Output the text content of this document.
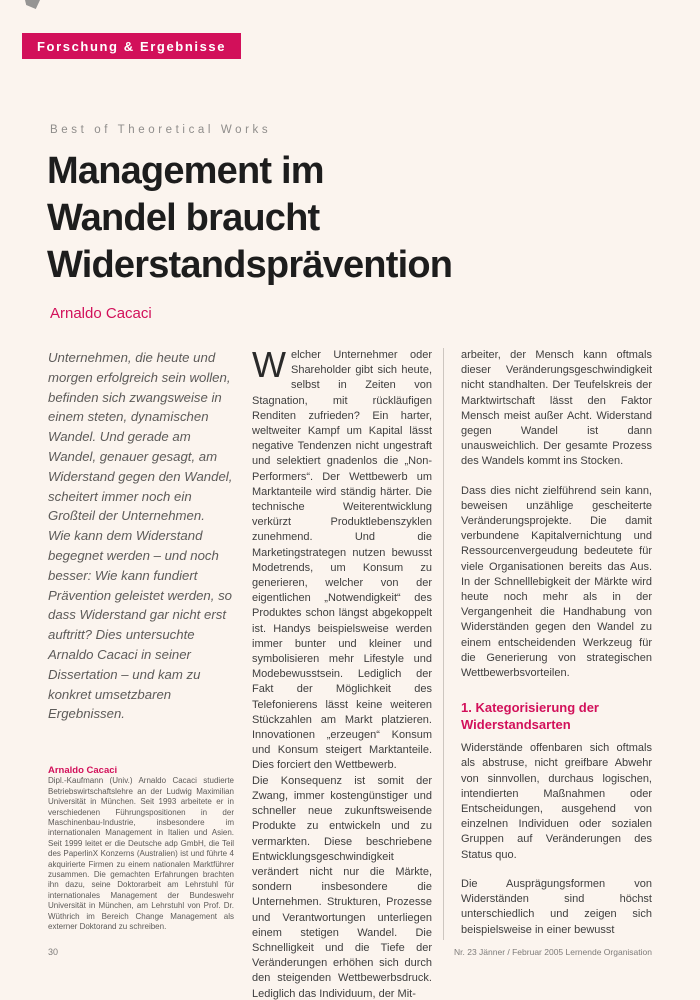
Forschung & Ergebnisse
Best of Theoretical Works
Management im
Wandel braucht
Widerstandsprävention
Arnaldo Cacaci

Unternehmen, die heute und morgen erfolgreich sein wollen, befinden sich zwangsweise in einem steten, dynamischen Wandel. Und gerade am Wandel, genauer gesagt, am Widerstand gegen den Wandel, scheitert immer noch ein Großteil der Unternehmen.

Wie kann dem Widerstand begegnet werden – und noch besser: Wie kann fundiert Prävention geleistet werden, so dass Widerstand gar nicht erst auftritt? Dies untersuchte Arnaldo Cacaci in seiner Dissertation – und kam zu konkret umsetzbaren Ergebnissen.

Arnaldo Cacaci

Dipl.-Kaufmann (Univ.) Arnaldo Cacaci studierte Betriebswirtschaftslehre an der Ludwig Maximilian Universität in München. Seit 1993 arbeitete er in verschiedenen Führungspositionen in der Maschinenbau-Industrie, insbesondere im internationalen Management in Italien und Asien. Seit 1999 leitet er die Deutsche adp GmbH, die Teil des PaperlinX Konzerns (Australien) ist und führte 4 akquirierte Firmen zu einem nationalen Marktführer zusammen. Die gemachten Erfahrungen brachten ihn dazu, seine Doktorarbeit am Lehrstuhl für internationales Management der Bundeswehr Universität in München, am Lehrstuhl von Prof. Dr. Wüthrich im Bereich Change Management als externer Doktorand zu schreiben.

Welcher Unternehmer oder Shareholder gibt sich heute, selbst in Zeiten von Stagnation, mit rückläufigen Renditen zufrieden? Ein harter, weltweiter Kampf um Kapital lässt negative Tendenzen nicht ungestraft und selektiert gnadenlos die „Non-Performers“. Der Wettbewerb um Marktanteile wird ständig härter. Die technische Weiterentwicklung verkürzt Produktlebenszyklen zunehmend. Und die Marketingstrategen nutzen bewusst Modetrends, um Konsum zu generieren, welcher von der eigentlichen „Notwendigkeit“ des Produktes schon längst abgekoppelt ist. Handys beispielsweise werden immer bunter und kleiner und symbolisieren mehr Lifestyle und Modebewusstsein. Lediglich der Fakt der Möglichkeit des Telefonierens lässt keine weiteren Stückzahlen am Markt platzieren. Innovationen „erzeugen“ Konsum und Konsum steigert Marktanteile. Dies forciert den Wettbewerb.

Die Konsequenz ist somit der Zwang, immer kostengünstiger und schneller neue zukunftsweisende Produkte zu entwickeln und zu vermarkten. Diese beschriebene Entwicklungsgeschwindigkeit verändert nicht nur die Märkte, sondern insbesondere die Unternehmen. Strukturen, Prozesse und Verantwortungen unterliegen einem stetigen Wandel. Die Schnelligkeit und die Tiefe der Veränderungen erhöhen sich durch den steigenden Wettbewerbsdruck. Lediglich das Individuum, der Mit-

arbeiter, der Mensch kann oftmals dieser Veränderungsgeschwindigkeit nicht standhalten. Der Teufelskreis der Marktwirtschaft lässt den Faktor Mensch meist außer Acht. Widerstand gegen Wandel ist dann unausweichlich. Der gesamte Prozess des Wandels kommt ins Stocken.

Dass dies nicht zielführend sein kann, beweisen unzählige gescheiterte Veränderungsprojekte. Die damit verbundene Kapitalvernichtung und Ressourcenvergeudung bedeutete für viele Organisationen bereits das Aus. In der Schnelllebigkeit der Märkte wird heute noch mehr als in der Vergangenheit die Handhabung von Widerständen gegen den Wandel zu einem entscheidenden Werkzeug für die Generierung von strategischen Wettbewerbsvorteilen.

1. Kategorisierung der Widerstandsarten

Widerstände offenbaren sich oftmals als abstruse, nicht greifbare Abwehr von sinnvollen, durchaus logischen, intendierten Maßnahmen oder Entscheidungen, ausgehend von einzelnen Individuen oder sozialen Gruppen auf Veränderungen des Status quo.

Die Ausprägungsformen von Widerständen sind höchst unterschiedlich und zeigen sich beispielsweise in einer bewusst

30	Nr. 23 Jänner / Februar 2005 Lernende Organisation
